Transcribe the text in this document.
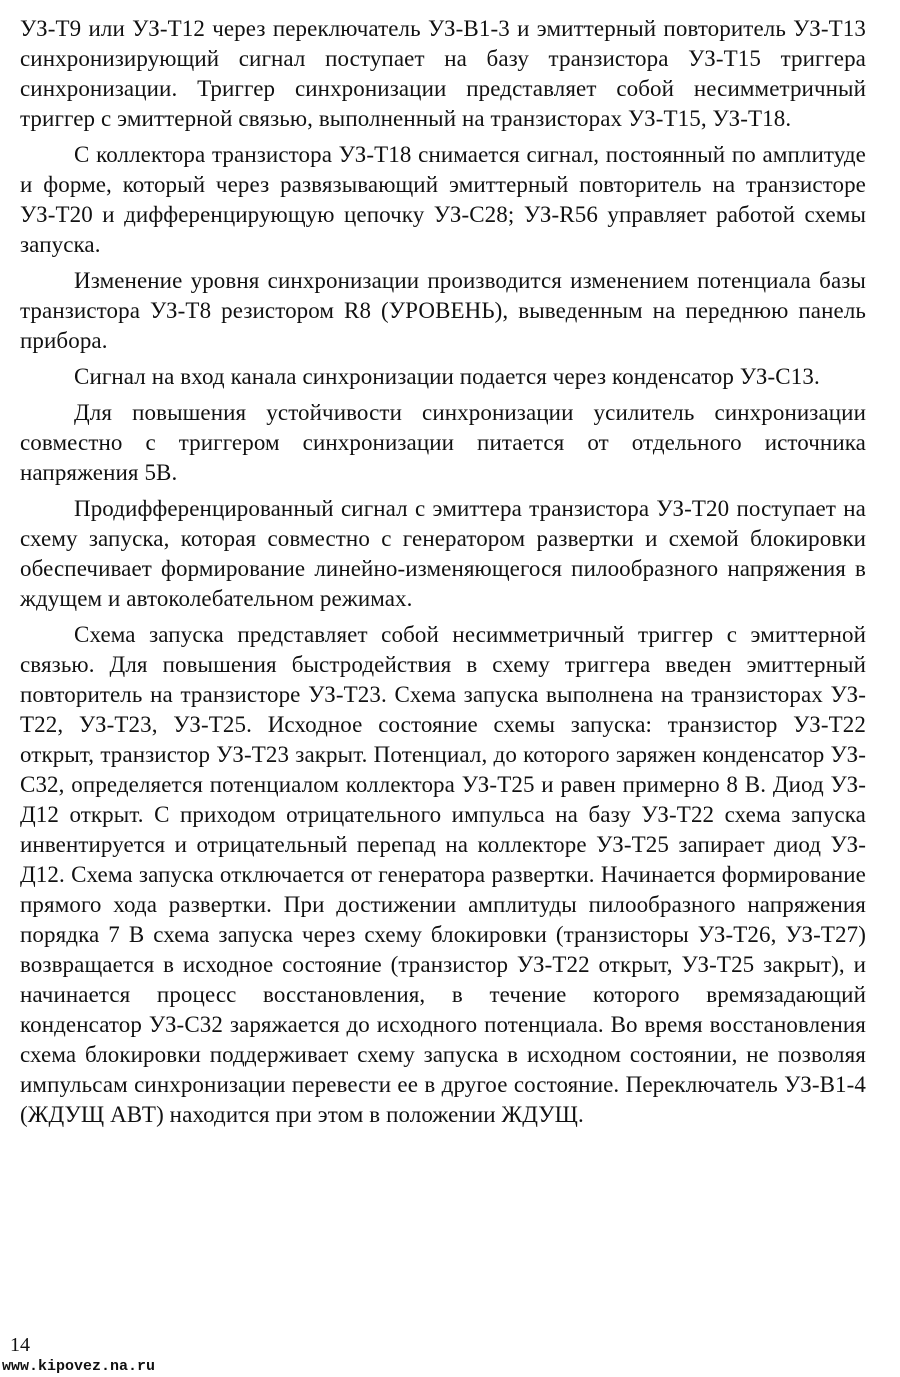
УЗ-Т9 или УЗ-Т12 через переключатель УЗ-В1-3 и эмиттерный повторитель УЗ-Т13 синхронизирующий сигнал поступает на базу транзистора УЗ-Т15 триггера синхронизации. Триггер синхронизации представляет собой несимметричный триггер с эмиттерной связью, выполненный на транзисторах УЗ-Т15, УЗ-Т18.

С коллектора транзистора УЗ-Т18 снимается сигнал, постоянный по амплитуде и форме, который через развязывающий эмиттерный повторитель на транзисторе УЗ-Т20 и дифференцирующую цепочку УЗ-С28; УЗ-R56 управляет работой схемы запуска.

Изменение уровня синхронизации производится изменением потенциала базы транзистора УЗ-Т8 резистором R8 (УРОВЕНЬ), выведенным на переднюю панель прибора.

Сигнал на вход канала синхронизации подается через конденсатор УЗ-С13.

Для повышения устойчивости синхронизации усилитель синхронизации совместно с триггером синхронизации питается от отдельного источника напряжения 5В.

Продифференцированный сигнал с эмиттера транзистора УЗ-Т20 поступает на схему запуска, которая совместно с генератором развертки и схемой блокировки обеспечивает формирование линейно-изменяющегося пилообразного напряжения в ждущем и автоколебательном режимах.

Схема запуска представляет собой несимметричный триггер с эмиттерной связью. Для повышения быстродействия в схему триггера введен эмиттерный повторитель на транзисторе УЗ-Т23. Схема запуска выполнена на транзисторах УЗ-Т22, УЗ-Т23, УЗ-Т25. Исходное состояние схемы запуска: транзистор УЗ-Т22 открыт, транзистор УЗ-Т23 закрыт. Потенциал, до которого заряжен конденсатор УЗ-С32, определяется потенциалом коллектора УЗ-Т25 и равен примерно 8 В. Диод УЗ-Д12 открыт. С приходом отрицательного импульса на базу УЗ-Т22 схема запуска инвентируется и отрицательный перепад на коллекторе УЗ-Т25 запирает диод УЗ-Д12. Схема запуска отключается от генератора развертки. Начинается формирование прямого хода развертки. При достижении амплитуды пилообразного напряжения порядка 7 В схема запуска через схему блокировки (транзисторы УЗ-Т26, УЗ-Т27) возвращается в исходное состояние (транзистор УЗ-Т22 открыт, УЗ-Т25 закрыт), и начинается процесс восстановления, в течение которого времязадающий конденсатор УЗ-С32 заряжается до исходного потенциала. Во время восстановления схема блокировки поддерживает схему запуска в исходном состоянии, не позволяя импульсам синхронизации перевести ее в другое состояние. Переключатель УЗ-В1-4 (ЖДУЩ АВТ) находится при этом в положении ЖДУЩ.

14
www.kipovez.na.ru
